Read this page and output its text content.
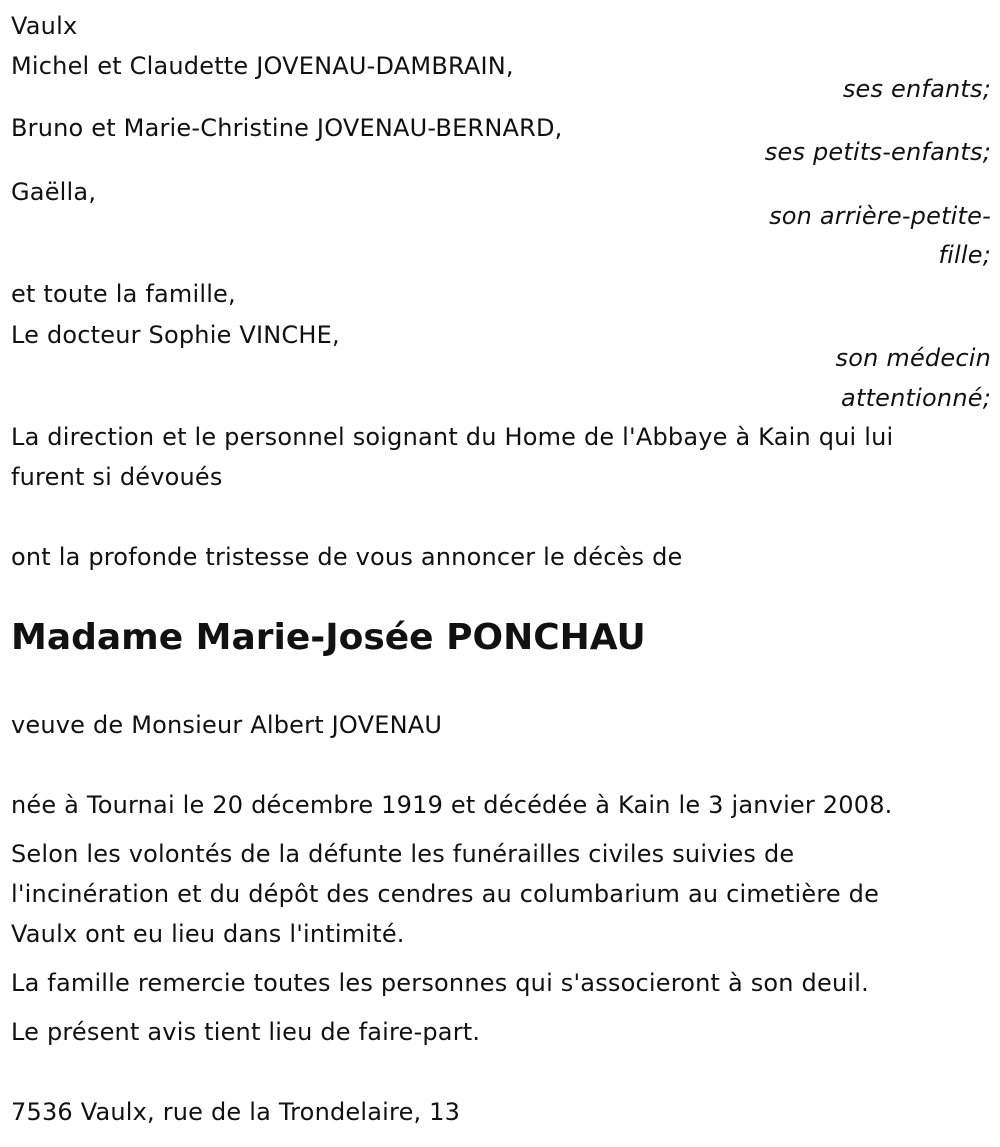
Vaulx
Michel et Claudette JOVENAU-DAMBRAIN,
ses enfants;
Bruno et Marie-Christine JOVENAU-BERNARD,
ses petits-enfants;
Gaëlla,
son arrière-petite-
fille;
et toute la famille,
Le docteur Sophie VINCHE,
son médecin
attentionné;
La direction et le personnel soignant du Home de l'Abbaye à Kain qui lui
furent si dévoués
ont la profonde tristesse de vous annoncer le décès de
Madame Marie-Josée PONCHAU
veuve de Monsieur Albert JOVENAU
née à Tournai le 20 décembre 1919 et décédée à Kain le 3 janvier 2008.
Selon les volontés de la défunte les funérailles civiles suivies de
l'incinération et du dépôt des cendres au columbarium au cimetière de
Vaulx ont eu lieu dans l'intimité.
La famille remercie toutes les personnes qui s'associeront à son deuil.
Le présent avis tient lieu de faire-part.
7536 Vaulx, rue de la Trondelaire, 13
